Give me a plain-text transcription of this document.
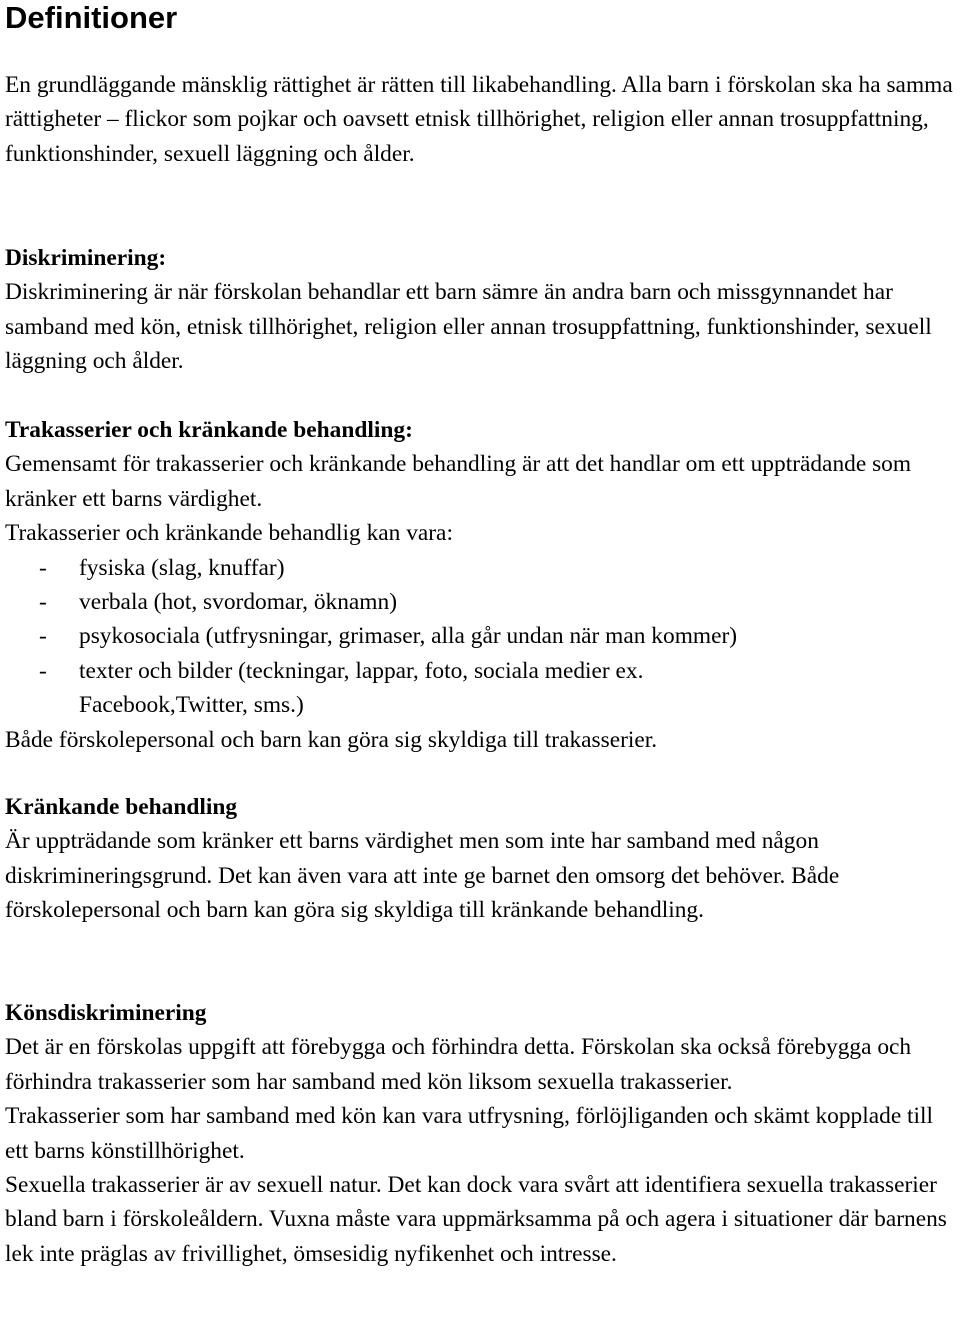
Definitioner

En grundläggande mänsklig rättighet är rätten till likabehandling. Alla barn i förskolan ska ha samma rättigheter – flickor som pojkar och oavsett etnisk tillhörighet, religion eller annan trosuppfattning, funktionshinder, sexuell läggning och ålder.

Diskriminering:

Diskriminering är när förskolan behandlar ett barn sämre än andra barn och missgynnandet har samband med kön, etnisk tillhörighet, religion eller annan trosuppfattning, funktionshinder, sexuell läggning och ålder.

Trakasserier och kränkande behandling:

Gemensamt för trakasserier och kränkande behandling är att det handlar om ett uppträdande som kränker ett barns värdighet.

Trakasserier och kränkande behandlig kan vara:

- fysiska (slag, knuffar)
- verbala (hot, svordomar, öknamn)
- psykosociala (utfrysningar, grimaser, alla går undan när man kommer)
- texter och bilder (teckningar, lappar, foto, sociala medier ex. Facebook,Twitter, sms.)

Både förskolepersonal och barn kan göra sig skyldiga till trakasserier.

Kränkande behandling

Är uppträdande som kränker ett barns värdighet men som inte har samband med någon diskrimineringsgrund. Det kan även vara att inte ge barnet den omsorg det behöver. Både förskolepersonal och barn kan göra sig skyldiga till kränkande behandling.

Könsdiskriminering

Det är en förskolas uppgift att förebygga och förhindra detta. Förskolan ska också förebygga och förhindra trakasserier som har samband med kön liksom sexuella trakasserier.

Trakasserier som har samband med kön kan vara utfrysning, förlöjliganden och skämt kopplade till ett barns könstillhörighet.

Sexuella trakasserier är av sexuell natur. Det kan dock vara svårt att identifiera sexuella trakasserier bland barn i förskoleåldern. Vuxna måste vara uppmärksamma på och agera i situationer där barnens lek inte präglas av frivillighet, ömsesidig nyfikenhet och intresse.
